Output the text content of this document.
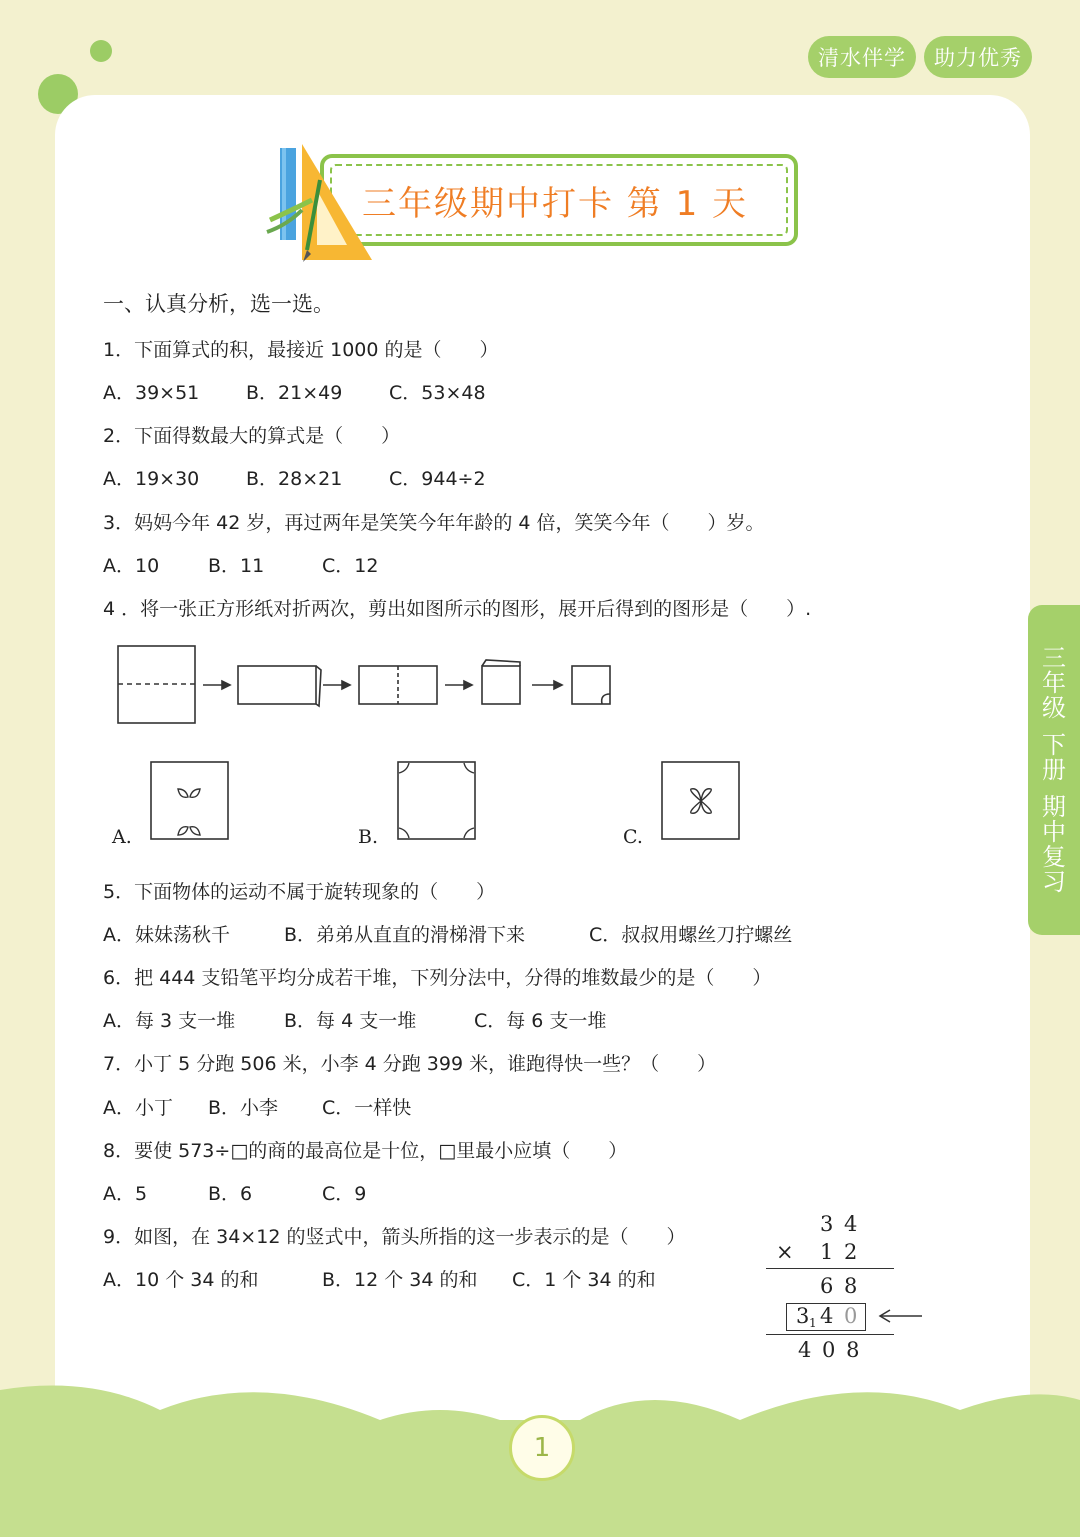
清水伴学	助力优秀
三
年
级
下
册
期
中
复
习
三年级期中打卡 第 1 天
一、认真分析，选一选。
1．下面算式的积，最接近 1000 的是（　　）
A．39×51 B．21×49 C．53×48
2．下面得数最大的算式是（　　）
A．19×30 B．28×21 C．944÷2
3．妈妈今年 42 岁，再过两年是笑笑今年年龄的 4 倍，笑笑今年（　　）岁。
A．10	B．11	C．12
4 ．将一张正方形纸对折两次，剪出如图所示的图形，展开后得到的图形是（　　）.
A.	B.	C.
5．下面物体的运动不属于旋转现象的（　　）
A．妹妹荡秋千	B．弟弟从直直的滑梯滑下来	C．叔叔用螺丝刀拧螺丝
6．把 444 支铅笔平均分成若干堆，下列分法中，分得的堆数最少的是（　　）
A．每 3 支一堆	B．每 4 支一堆	C．每 6 支一堆
7．小丁 5 分跑 506 米，小李 4 分跑 399 米，谁跑得快一些？（　　）
A．小丁 B．小李 C．一样快
8．要使 573÷□的商的最高位是十位，□里最小应填（　　）
A．5	B．6	C．9
9．如图，在 34×12 的竖式中，箭头所指的这一步表示的是（　　）
A．10 个 34 的和	B．12 个 34 的和 C．1 个 34 的和
3 4
× 1 2
6 8
3 1 4 0
4 0 8
1
